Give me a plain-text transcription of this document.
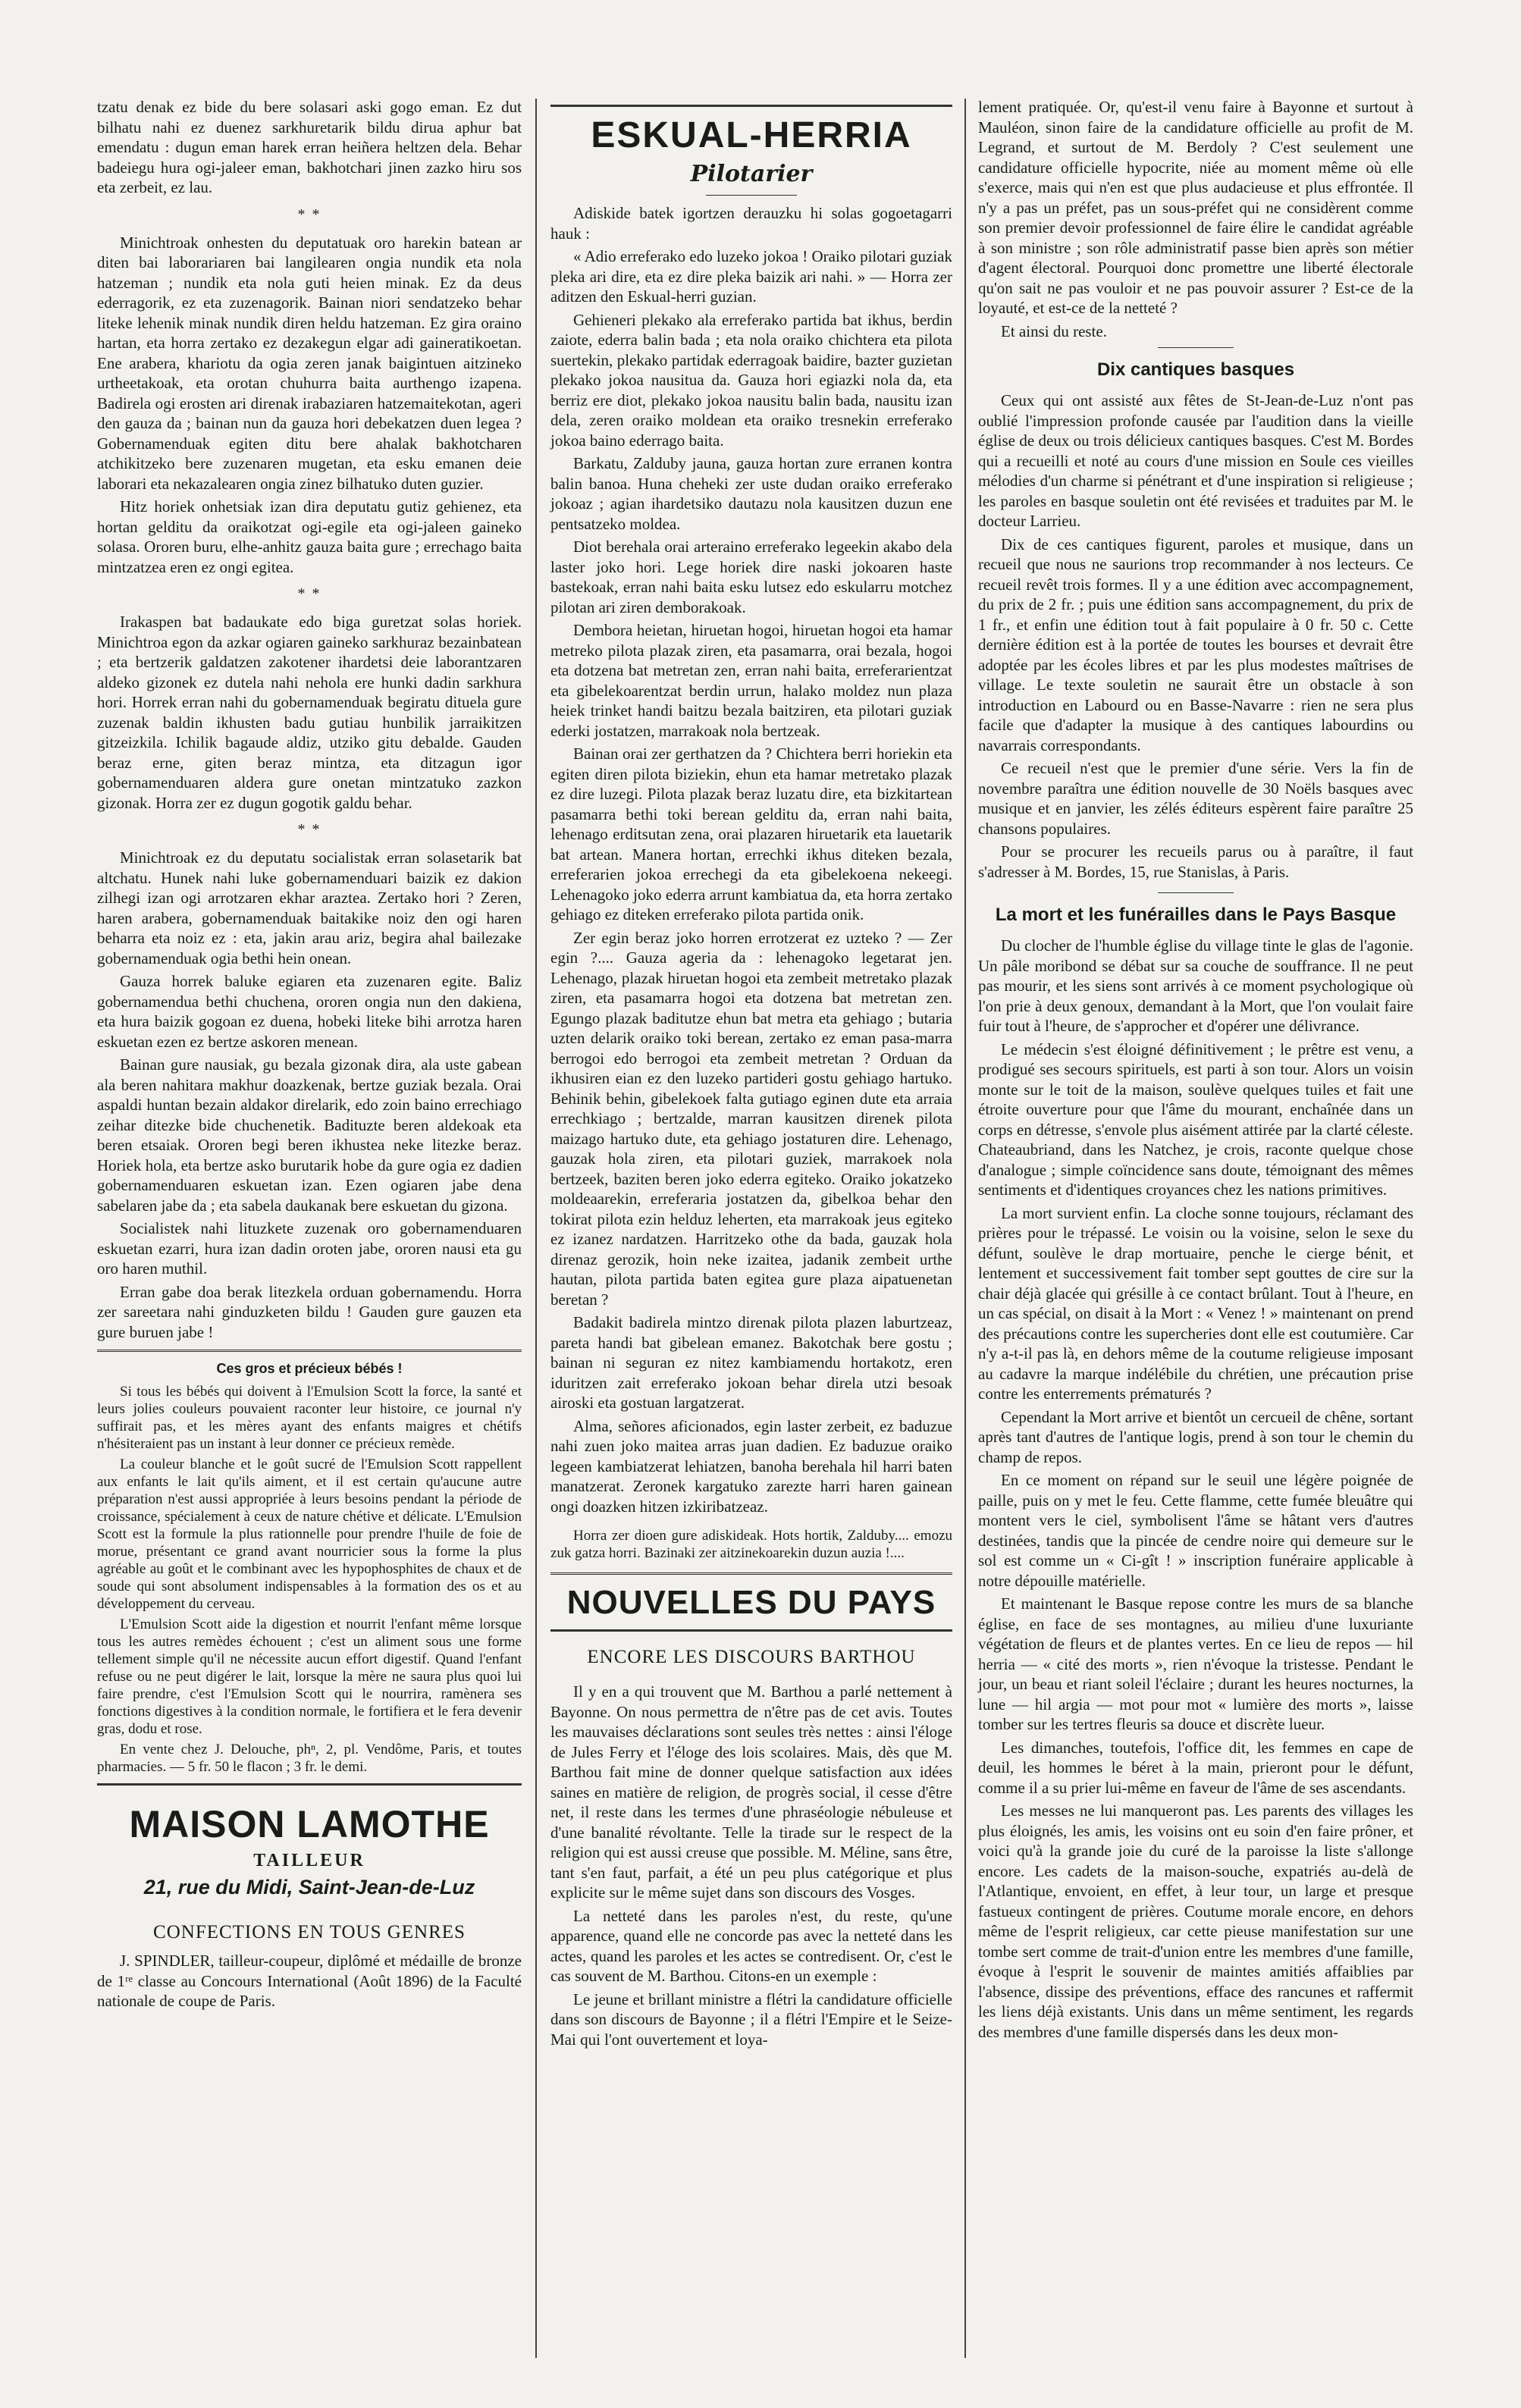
tzatu denak ez bide du bere solasari aski gogo eman. Ez dut bilhatu nahi ez duenez sarkhuretarik bildu dirua aphur bat emendatu : dugun eman harek erran heiñera heltzen dela. Behar badeiegu hura ogi-jaleer eman, bakhotchari jinen zazko hiru sos eta zerbeit, ez lau.

* *

Minichtroak onhesten du deputatuak oro harekin batean ar diten bai laborariaren bai langilearen ongia nundik eta nola hatzeman ; nundik eta nola guti heien minak. Ez da deus ederragorik, ez eta zuzenagorik. Bainan niori sendatzeko behar liteke lehenik minak nundik diren heldu hatzeman. Ez gira oraino hartan, eta horra zertako ez dezakegun elgar adi gaineratikoetan. Ene arabera, khariotu da ogia zeren janak baigintuen aitzineko urtheetakoak, eta orotan chuhurra baita aurthengo izapena. Badirela ogi erosten ari direnak irabaziaren hatzemaitekotan, ageri den gauza da ; bainan nun da gauza hori debekatzen duen legea ? Gobernamenduak egiten ditu bere ahalak bakhotcharen atchikitzeko bere zuzenaren mugetan, eta esku emanen deie laborari eta nekazalearen ongia zinez bilhatuko duten guzier.

Hitz horiek onhetsiak izan dira deputatu gutiz gehienez, eta hortan gelditu da oraikotzat ogi-egile eta ogi-jaleen gaineko solasa. Ororen buru, elhe-anhitz gauza baita gure ; errechago baita mintzatzea eren ez ongi egitea.

* *

Irakaspen bat badaukate edo biga guretzat solas horiek. Minichtroa egon da azkar ogiaren gaineko sarkhuraz bezainbatean ; eta bertzerik galdatzen zakotener ihardetsi deie laborantzaren aldeko gizonek ez dutela nahi nehola ere hunki dadin sarkhura hori. Horrek erran nahi du gobernamenduak begiratu dituela gure zuzenak baldin ikhusten badu gutiau hunbilik jarraikitzen gitzeizkila. Ichilik bagaude aldiz, utziko gitu debalde. Gauden beraz erne, giten beraz mintza, eta ditzagun igor gobernamenduaren aldera gure onetan mintzatuko zazkon gizonak. Horra zer ez dugun gogotik galdu behar.

* *

Minichtroak ez du deputatu socialistak erran solasetarik bat altchatu. Hunek nahi luke gobernamenduari baizik ez dakion zilhegi izan ogi arrotzaren ekhar araztea. Zertako hori ? Zeren, haren arabera, gobernamenduak baitakike noiz den ogi haren beharra eta noiz ez : eta, jakin arau ariz, begira ahal bailezake gobernamenduak ogia bethi hein onean.

Gauza horrek baluke egiaren eta zuzenaren egite. Baliz gobernamendua bethi chuchena, ororen ongia nun den dakiena, eta hura baizik gogoan ez duena, hobeki liteke bihi arrotza haren eskuetan ezen ez bertze askoren menean.

Bainan gure nausiak, gu bezala gizonak dira, ala uste gabean ala beren nahitara makhur doazkenak, bertze guziak bezala. Orai aspaldi huntan bezain aldakor direlarik, edo zoin baino errechiago zeihar ditezke bide chuchenetik. Badituzte beren aldekoak eta beren etsaiak. Ororen begi beren ikhustea neke litezke beraz. Horiek hola, eta bertze asko burutarik hobe da gure ogia ez dadien gobernamenduaren eskuetan izan. Ezen ogiaren jabe dena sabelaren jabe da ; eta sabela daukanak bere eskuetan du gizona.

Socialistek nahi lituzkete zuzenak oro gobernamenduaren eskuetan ezarri, hura izan dadin oroten jabe, ororen nausi eta gu oro haren muthil.

Erran gabe doa berak litezkela orduan gobernamendu. Horra zer sareetara nahi ginduzketen bildu ! Gauden gure gauzen eta gure buruen jabe !

Ces gros et précieux bébés !

Si tous les bébés qui doivent à l'Emulsion Scott la force, la santé et leurs jolies couleurs pouvaient raconter leur histoire, ce journal n'y suffirait pas, et les mères ayant des enfants maigres et chétifs n'hésiteraient pas un instant à leur donner ce précieux remède.

La couleur blanche et le goût sucré de l'Emulsion Scott rappellent aux enfants le lait qu'ils aiment, et il est certain qu'aucune autre préparation n'est aussi appropriée à leurs besoins pendant la période de croissance, spécialement à ceux de nature chétive et délicate. L'Emulsion Scott est la formule la plus rationnelle pour prendre l'huile de foie de morue, présentant ce grand avant nourricier sous la forme la plus agréable au goût et le combinant avec les hypophosphites de chaux et de soude qui sont absolument indispensables à la formation des os et au développement du cerveau.

L'Emulsion Scott aide la digestion et nourrit l'enfant même lorsque tous les autres remèdes échouent ; c'est un aliment sous une forme tellement simple qu'il ne nécessite aucun effort digestif. Quand l'enfant refuse ou ne peut digérer le lait, lorsque la mère ne saura plus quoi lui faire prendre, c'est l'Emulsion Scott qui le nourrira, ramènera ses fonctions digestives à la condition normale, le fortifiera et le fera devenir gras, dodu et rose.

En vente chez J. Delouche, phⁿ, 2, pl. Vendôme, Paris, et toutes pharmacies. — 5 fr. 50 le flacon ; 3 fr. le demi.

MAISON LAMOTHE
TAILLEUR
21, rue du Midi, Saint-Jean-de-Luz
CONFECTIONS EN TOUS GENRES

J. SPINDLER, tailleur-coupeur, diplômé et médaille de bronze de 1ʳᵉ classe au Concours International (Août 1896) de la Faculté nationale de coupe de Paris.

ESKUAL-HERRIA
Pilotarier

Adiskide batek igortzen derauzku hi solas gogoetagarri hauk :

« Adio erreferako edo luzeko jokoa ! Oraiko pilotari guziak pleka ari dire, eta ez dire pleka baizik ari nahi. » — Horra zer aditzen den Eskual-herri guzian.

Gehieneri plekako ala erreferako partida bat ikhus, berdin zaiote, ederra balin bada ; eta nola oraiko chichtera eta pilota suertekin, plekako partidak ederragoak baidire, bazter guzietan plekako jokoa nausitua da. Gauza hori egiazki nola da, eta berriz ere diot, plekako jokoa nausitu balin bada, nausitu izan dela, zeren oraiko moldean eta oraiko tresnekin erreferako jokoa baino ederrago baita.

Barkatu, Zalduby jauna, gauza hortan zure erranen kontra balin banoa. Huna cheheki zer uste dudan oraiko erreferako jokoaz ; agian ihardetsiko dautazu nola kausitzen duzun ene pentsatzeko moldea.

Diot berehala orai arteraino erreferako legeekin akabo dela laster joko hori. Lege horiek dire naski jokoaren haste bastekoak, erran nahi baita esku lutsez edo eskularru motchez pilotan ari ziren demborakoak.

Dembora heietan, hiruetan hogoi, hiruetan hogoi eta hamar metreko pilota plazak ziren, eta pasamarra, orai bezala, hogoi eta dotzena bat metretan zen, erran nahi baita, erreferarientzat eta gibelekoarentzat berdin urrun, halako moldez nun plaza heiek trinket handi baitzu bezala baitziren, eta pilotari guziak ederki jostatzen, marrakoak nola bertzeak.

Bainan orai zer gerthatzen da ? Chichtera berri horiekin eta egiten diren pilota biziekin, ehun eta hamar metretako plazak ez dire luzegi. Pilota plazak beraz luzatu dire, eta bizkitartean pasamarra bethi toki berean gelditu da, erran nahi baita, lehenago erditsutan zena, orai plazaren hiruetarik eta lauetarik bat artean. Manera hortan, errechki ikhus diteken bezala, erreferarien jokoa errechegi da eta gibelekoena nekeegi. Lehenagoko joko ederra arrunt kambiatua da, eta horra zertako gehiago ez diteken erreferako pilota partida onik.

Zer egin beraz joko horren errotzerat ez uzteko ? — Zer egin ?.... Gauza ageria da : lehenagoko legetarat jen. Lehenago, plazak hiruetan hogoi eta zembeit metretako plazak ziren, eta pasamarra hogoi eta dotzena bat metretan zen. Egungo plazak baditutze ehun bat metra eta gehiago ; butaria uzten delarik oraiko toki berean, zertako ez eman pasa-marra berrogoi edo berrogoi eta zembeit metretan ? Orduan da ikhusiren eian ez den luzeko partideri gostu gehiago hartuko. Behinik behin, gibelekoek falta gutiago eginen dute eta arraia errechkiago ; bertzalde, marran kausitzen direnek pilota maizago hartuko dute, eta gehiago jostaturen dire. Lehenago, gauzak hola ziren, eta pilotari guziek, marrakoek nola bertzeek, baziten beren joko ederra egiteko. Oraiko jokatzeko moldeaarekin, erreferaria jostatzen da, gibelkoa behar den tokirat pilota ezin helduz leherten, eta marrakoak jeus egiteko ez izanez nardatzen. Harritzeko othe da bada, gauzak hola direnaz gerozik, hoin neke izaitea, jadanik zembeit urthe hautan, pilota partida baten egitea gure plaza aipatuenetan beretan ?

Badakit badirela mintzo direnak pilota plazen laburtzeaz, pareta handi bat gibelean emanez. Bakotchak bere gostu ; bainan ni seguran ez nitez kambiamendu hortakotz, eren iduritzen zait erreferako jokoan behar direla utzi besoak airoski eta gostuan largatzerat.

Alma, señores aficionados, egin laster zerbeit, ez baduzue nahi zuen joko maitea arras juan dadien. Ez baduzue oraiko legeen kambiatzerat lehiatzen, banoha berehala hil harri baten manatzerat. Zeronek kargatuko zarezte harri haren gainean ongi doazken hitzen izkiribatzeaz.

Horra zer dioen gure adiskideak. Hots hortik, Zalduby.... emozu zuk gatza horri. Bazinaki zer aitzinekoarekin duzun auzia !....

NOUVELLES DU PAYS
ENCORE LES DISCOURS BARTHOU

Il y en a qui trouvent que M. Barthou a parlé nettement à Bayonne. On nous permettra de n'être pas de cet avis. Toutes les mauvaises déclarations sont seules très nettes : ainsi l'éloge de Jules Ferry et l'éloge des lois scolaires. Mais, dès que M. Barthou fait mine de donner quelque satisfaction aux idées saines en matière de religion, de progrès social, il cesse d'être net, il reste dans les termes d'une phraséologie nébuleuse et d'une banalité révoltante. Telle la tirade sur le respect de la religion qui est aussi creuse que possible. M. Méline, sans être, tant s'en faut, parfait, a été un peu plus catégorique et plus explicite sur le même sujet dans son discours des Vosges.

La netteté dans les paroles n'est, du reste, qu'une apparence, quand elle ne concorde pas avec la netteté dans les actes, quand les paroles et les actes se contredisent. Or, c'est le cas souvent de M. Barthou. Citons-en un exemple :

Le jeune et brillant ministre a flétri la candidature officielle dans son discours de Bayonne ; il a flétri l'Empire et le Seize-Mai qui l'ont ouvertement et loya-

lement pratiquée. Or, qu'est-il venu faire à Bayonne et surtout à Mauléon, sinon faire de la candidature officielle au profit de M. Legrand, et surtout de M. Berdoly ? C'est seulement une candidature officielle hypocrite, niée au moment même où elle s'exerce, mais qui n'en est que plus audacieuse et plus effrontée. Il n'y a pas un préfet, pas un sous-préfet qui ne considèrent comme son premier devoir professionnel de faire élire le candidat agréable à son ministre ; son rôle administratif passe bien après son métier d'agent électoral. Pourquoi donc promettre une liberté électorale qu'on sait ne pas vouloir et ne pas pouvoir assurer ? Est-ce de la loyauté, et est-ce de la netteté ?

Et ainsi du reste.

Dix cantiques basques

Ceux qui ont assisté aux fêtes de St-Jean-de-Luz n'ont pas oublié l'impression profonde causée par l'audition dans la vieille église de deux ou trois délicieux cantiques basques. C'est M. Bordes qui a recueilli et noté au cours d'une mission en Soule ces vieilles mélodies d'un charme si pénétrant et d'une inspiration si religieuse ; les paroles en basque souletin ont été revisées et traduites par M. le docteur Larrieu.

Dix de ces cantiques figurent, paroles et musique, dans un recueil que nous ne saurions trop recommander à nos lecteurs. Ce recueil revêt trois formes. Il y a une édition avec accompagnement, du prix de 2 fr. ; puis une édition sans accompagnement, du prix de 1 fr., et enfin une édition tout à fait populaire à 0 fr. 50 c. Cette dernière édition est à la portée de toutes les bourses et devrait être adoptée par les écoles libres et par les plus modestes maîtrises de village. Le texte souletin ne saurait être un obstacle à son introduction en Labourd ou en Basse-Navarre : rien ne sera plus facile que d'adapter la musique à des cantiques labourdins ou navarrais correspondants.

Ce recueil n'est que le premier d'une série. Vers la fin de novembre paraîtra une édition nouvelle de 30 Noëls basques avec musique et en janvier, les zélés éditeurs espèrent faire paraître 25 chansons populaires.

Pour se procurer les recueils parus ou à paraître, il faut s'adresser à M. Bordes, 15, rue Stanislas, à Paris.

La mort et les funérailles dans le Pays Basque

Du clocher de l'humble église du village tinte le glas de l'agonie. Un pâle moribond se débat sur sa couche de souffrance. Il ne peut pas mourir, et les siens sont arrivés à ce moment psychologique où l'on prie à deux genoux, demandant à la Mort, que l'on voulait faire fuir tout à l'heure, de s'approcher et d'opérer une délivrance.

Le médecin s'est éloigné définitivement ; le prêtre est venu, a prodigué ses secours spirituels, est parti à son tour. Alors un voisin monte sur le toit de la maison, soulève quelques tuiles et fait une étroite ouverture pour que l'âme du mourant, enchaînée dans un corps en détresse, s'envole plus aisément attirée par la clarté céleste. Chateaubriand, dans les Natchez, je crois, raconte quelque chose d'analogue ; simple coïncidence sans doute, témoignant des mêmes sentiments et d'identiques croyances chez les nations primitives.

La mort survient enfin. La cloche sonne toujours, réclamant des prières pour le trépassé. Le voisin ou la voisine, selon le sexe du défunt, soulève le drap mortuaire, penche le cierge bénit, et lentement et successivement fait tomber sept gouttes de cire sur la chair déjà glacée qui grésille à ce contact brûlant. Tout à l'heure, en un cas spécial, on disait à la Mort : « Venez ! » maintenant on prend des précautions contre les supercheries dont elle est coutumière. Car n'y a-t-il pas là, en dehors même de la coutume religieuse imposant au cadavre la marque indélébile du chrétien, une précaution prise contre les enterrements prématurés ?

Cependant la Mort arrive et bientôt un cercueil de chêne, sortant après tant d'autres de l'antique logis, prend à son tour le chemin du champ de repos.

En ce moment on répand sur le seuil une légère poignée de paille, puis on y met le feu. Cette flamme, cette fumée bleuâtre qui montent vers le ciel, symbolisent l'âme se hâtant vers d'autres destinées, tandis que la pincée de cendre noire qui demeure sur le sol est comme un « Ci-gît ! » inscription funéraire applicable à notre dépouille matérielle.

Et maintenant le Basque repose contre les murs de sa blanche église, en face de ses montagnes, au milieu d'une luxuriante végétation de fleurs et de plantes vertes. En ce lieu de repos — hil herria — « cité des morts », rien n'évoque la tristesse. Pendant le jour, un beau et riant soleil l'éclaire ; durant les heures nocturnes, la lune — hil argia — mot pour mot « lumière des morts », laisse tomber sur les tertres fleuris sa douce et discrète lueur.

Les dimanches, toutefois, l'office dit, les femmes en cape de deuil, les hommes le béret à la main, prieront pour le défunt, comme il a su prier lui-même en faveur de l'âme de ses ascendants.

Les messes ne lui manqueront pas. Les parents des villages les plus éloignés, les amis, les voisins ont eu soin d'en faire prôner, et voici qu'à la grande joie du curé de la paroisse la liste s'allonge encore. Les cadets de la maison-souche, expatriés au-delà de l'Atlantique, envoient, en effet, à leur tour, un large et presque fastueux contingent de prières. Coutume morale encore, en dehors même de l'esprit religieux, car cette pieuse manifestation sur une tombe sert comme de trait-d'union entre les membres d'une famille, évoque à l'esprit le souvenir de maintes amitiés affaiblies par l'absence, dissipe des préventions, efface des rancunes et raffermit les liens déjà existants. Unis dans un même sentiment, les regards des membres d'une famille dispersés dans les deux mon-
